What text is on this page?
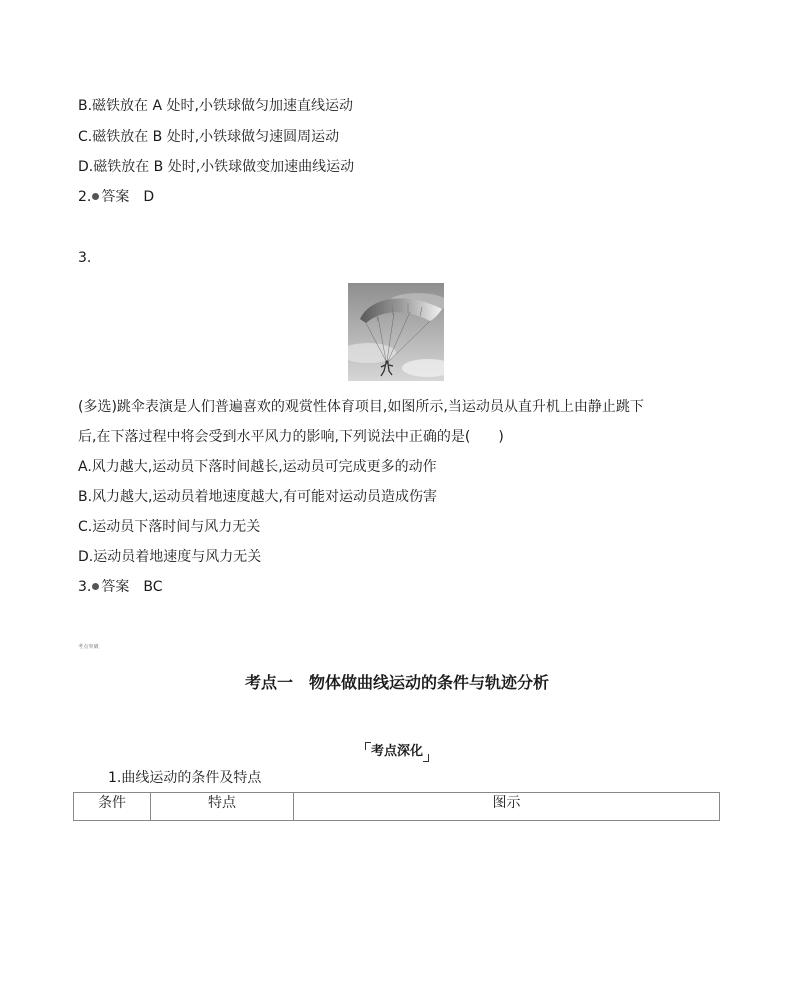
B.磁铁放在 A 处时,小铁球做匀加速直线运动
C.磁铁放在 B 处时,小铁球做匀速圆周运动
D.磁铁放在 B 处时,小铁球做变加速曲线运动
2. 答案 D
3.
(多选)跳伞表演是人们普遍喜欢的观赏性体育项目,如图所示,当运动员从直升机上由静止跳下
后,在下落过程中将会受到水平风力的影响,下列说法中正确的是(　　)
A.风力越大,运动员下落时间越长,运动员可完成更多的动作
B.风力越大,运动员着地速度越大,有可能对运动员造成伤害
C.运动员下落时间与风力无关
D.运动员着地速度与风力无关
3. 答案 BC
考点突破
考点一　物体做曲线运动的条件与轨迹分析
考点深化
1.曲线运动的条件及特点
条件	特点	图示
